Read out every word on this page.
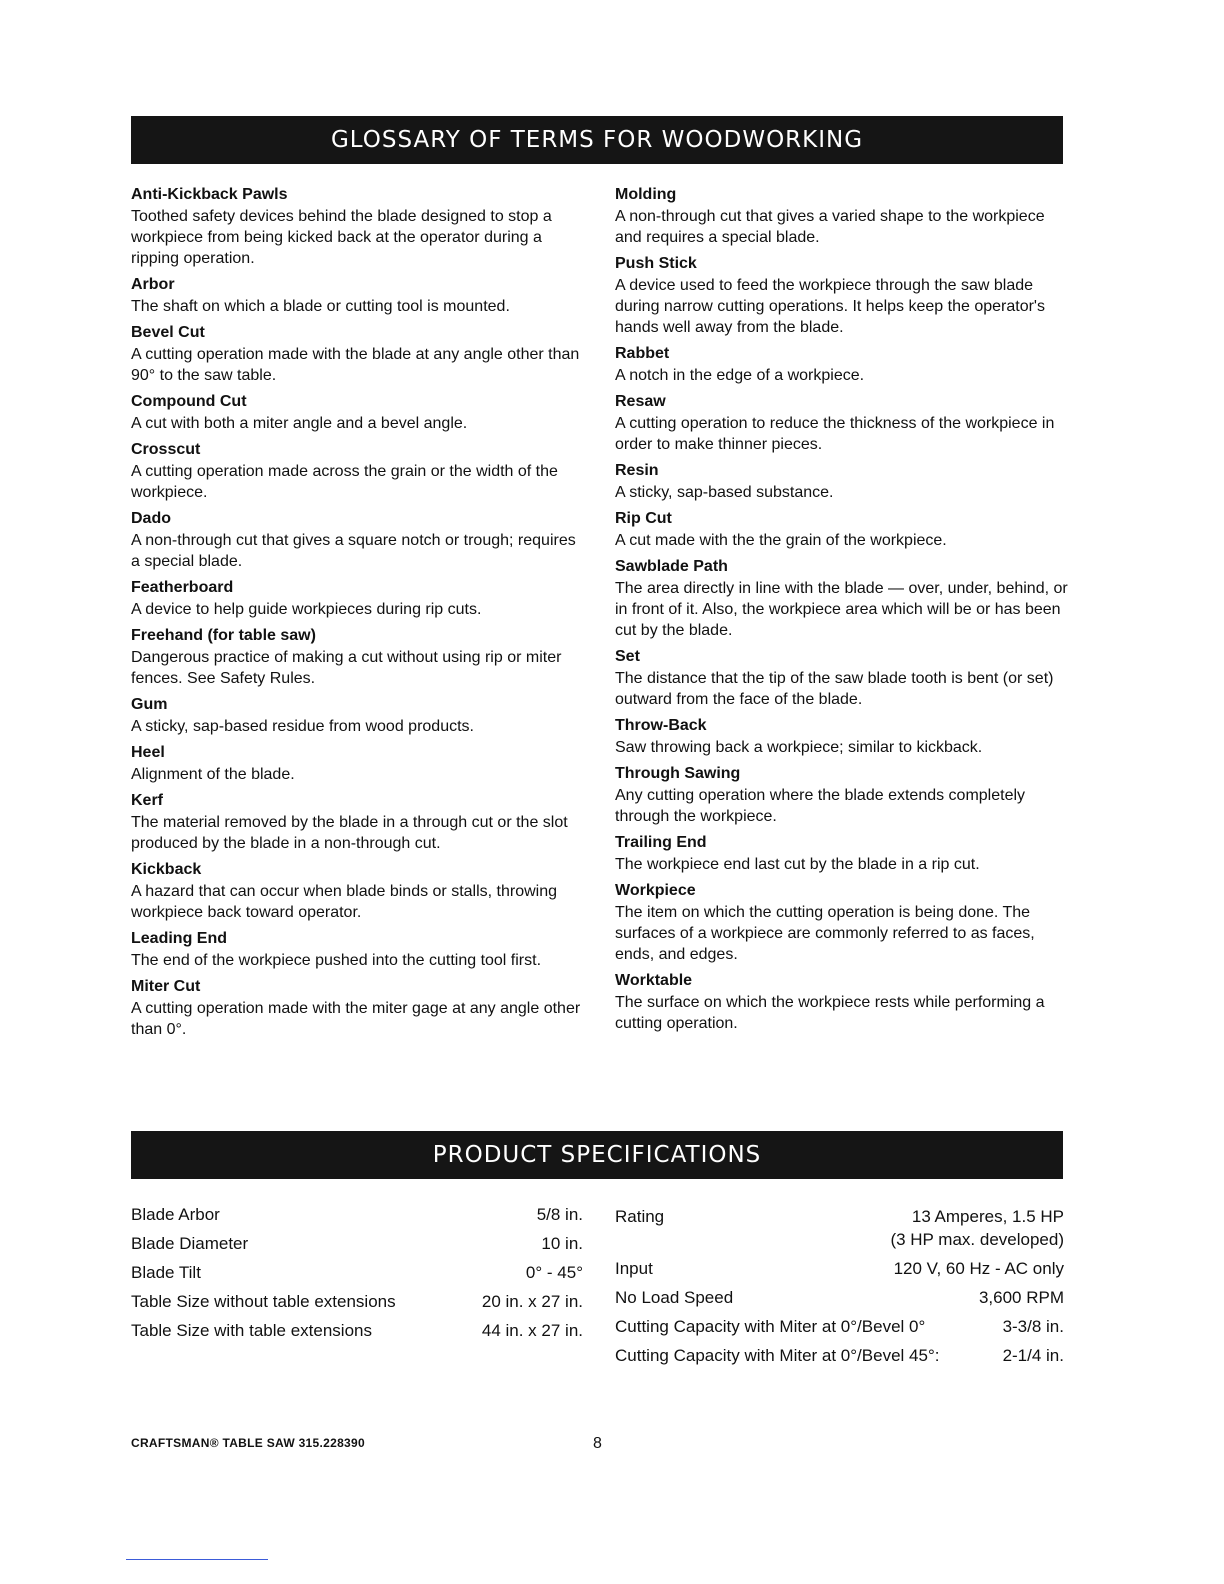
GLOSSARY OF TERMS FOR WOODWORKING
Anti-Kickback Pawls
Toothed safety devices behind the blade designed to stop a workpiece from being kicked back at the operator during a ripping operation.
Arbor
The shaft on which a blade or cutting tool is mounted.
Bevel Cut
A cutting operation made with the blade at any angle other than 90° to the saw table.
Compound Cut
A cut with both a miter angle and a bevel angle.
Crosscut
A cutting operation made across the grain or the width of the workpiece.
Dado
A non-through cut that gives a square notch or trough; requires a special blade.
Featherboard
A device to help guide workpieces during rip cuts.
Freehand (for table saw)
Dangerous practice of making a cut without using rip or miter fences. See Safety Rules.
Gum
A sticky, sap-based residue from wood products.
Heel
Alignment of the blade.
Kerf
The material removed by the blade in a through cut or the slot produced by the blade in a non-through cut.
Kickback
A hazard that can occur when blade binds or stalls, throwing workpiece back toward operator.
Leading End
The end of the workpiece pushed into the cutting tool first.
Miter Cut
A cutting operation made with the miter gage at any angle other than 0°.
Molding
A non-through cut that gives a varied shape to the workpiece and requires a special blade.
Push Stick
A device used to feed the workpiece through the saw blade during narrow cutting operations. It helps keep the operator's hands well away from the blade.
Rabbet
A notch in the edge of a workpiece.
Resaw
A cutting operation to reduce the thickness of the workpiece in order to make thinner pieces.
Resin
A sticky, sap-based substance.
Rip Cut
A cut made with the the grain of the workpiece.
Sawblade Path
The area directly in line with the blade — over, under, behind, or in front of it. Also, the workpiece area which will be or has been cut by the blade.
Set
The distance that the tip of the saw blade tooth is bent (or set) outward from the face of the blade.
Throw-Back
Saw throwing back a workpiece; similar to kickback.
Through Sawing
Any cutting operation where the blade extends completely through the workpiece.
Trailing End
The workpiece end last cut by the blade in a rip cut.
Workpiece
The item on which the cutting operation is being done. The surfaces of a workpiece are commonly referred to as faces, ends, and edges.
Worktable
The surface on which the workpiece rests while performing a cutting operation.
PRODUCT SPECIFICATIONS
Blade Arbor	5/8 in.
Blade Diameter	10 in.
Blade Tilt	0° - 45°
Table Size without table extensions	20 in. x 27 in.
Table Size with table extensions	44 in. x 27 in.
Rating	13 Amperes, 1.5 HP
(3 HP max. developed)
Input	120 V, 60 Hz - AC only
No Load Speed	3,600 RPM
Cutting Capacity with Miter at 0°/Bevel 0°	3-3/8 in.
Cutting Capacity with Miter at 0°/Bevel 45°:	2-1/4 in.
CRAFTSMAN® TABLE SAW 315.228390	8
